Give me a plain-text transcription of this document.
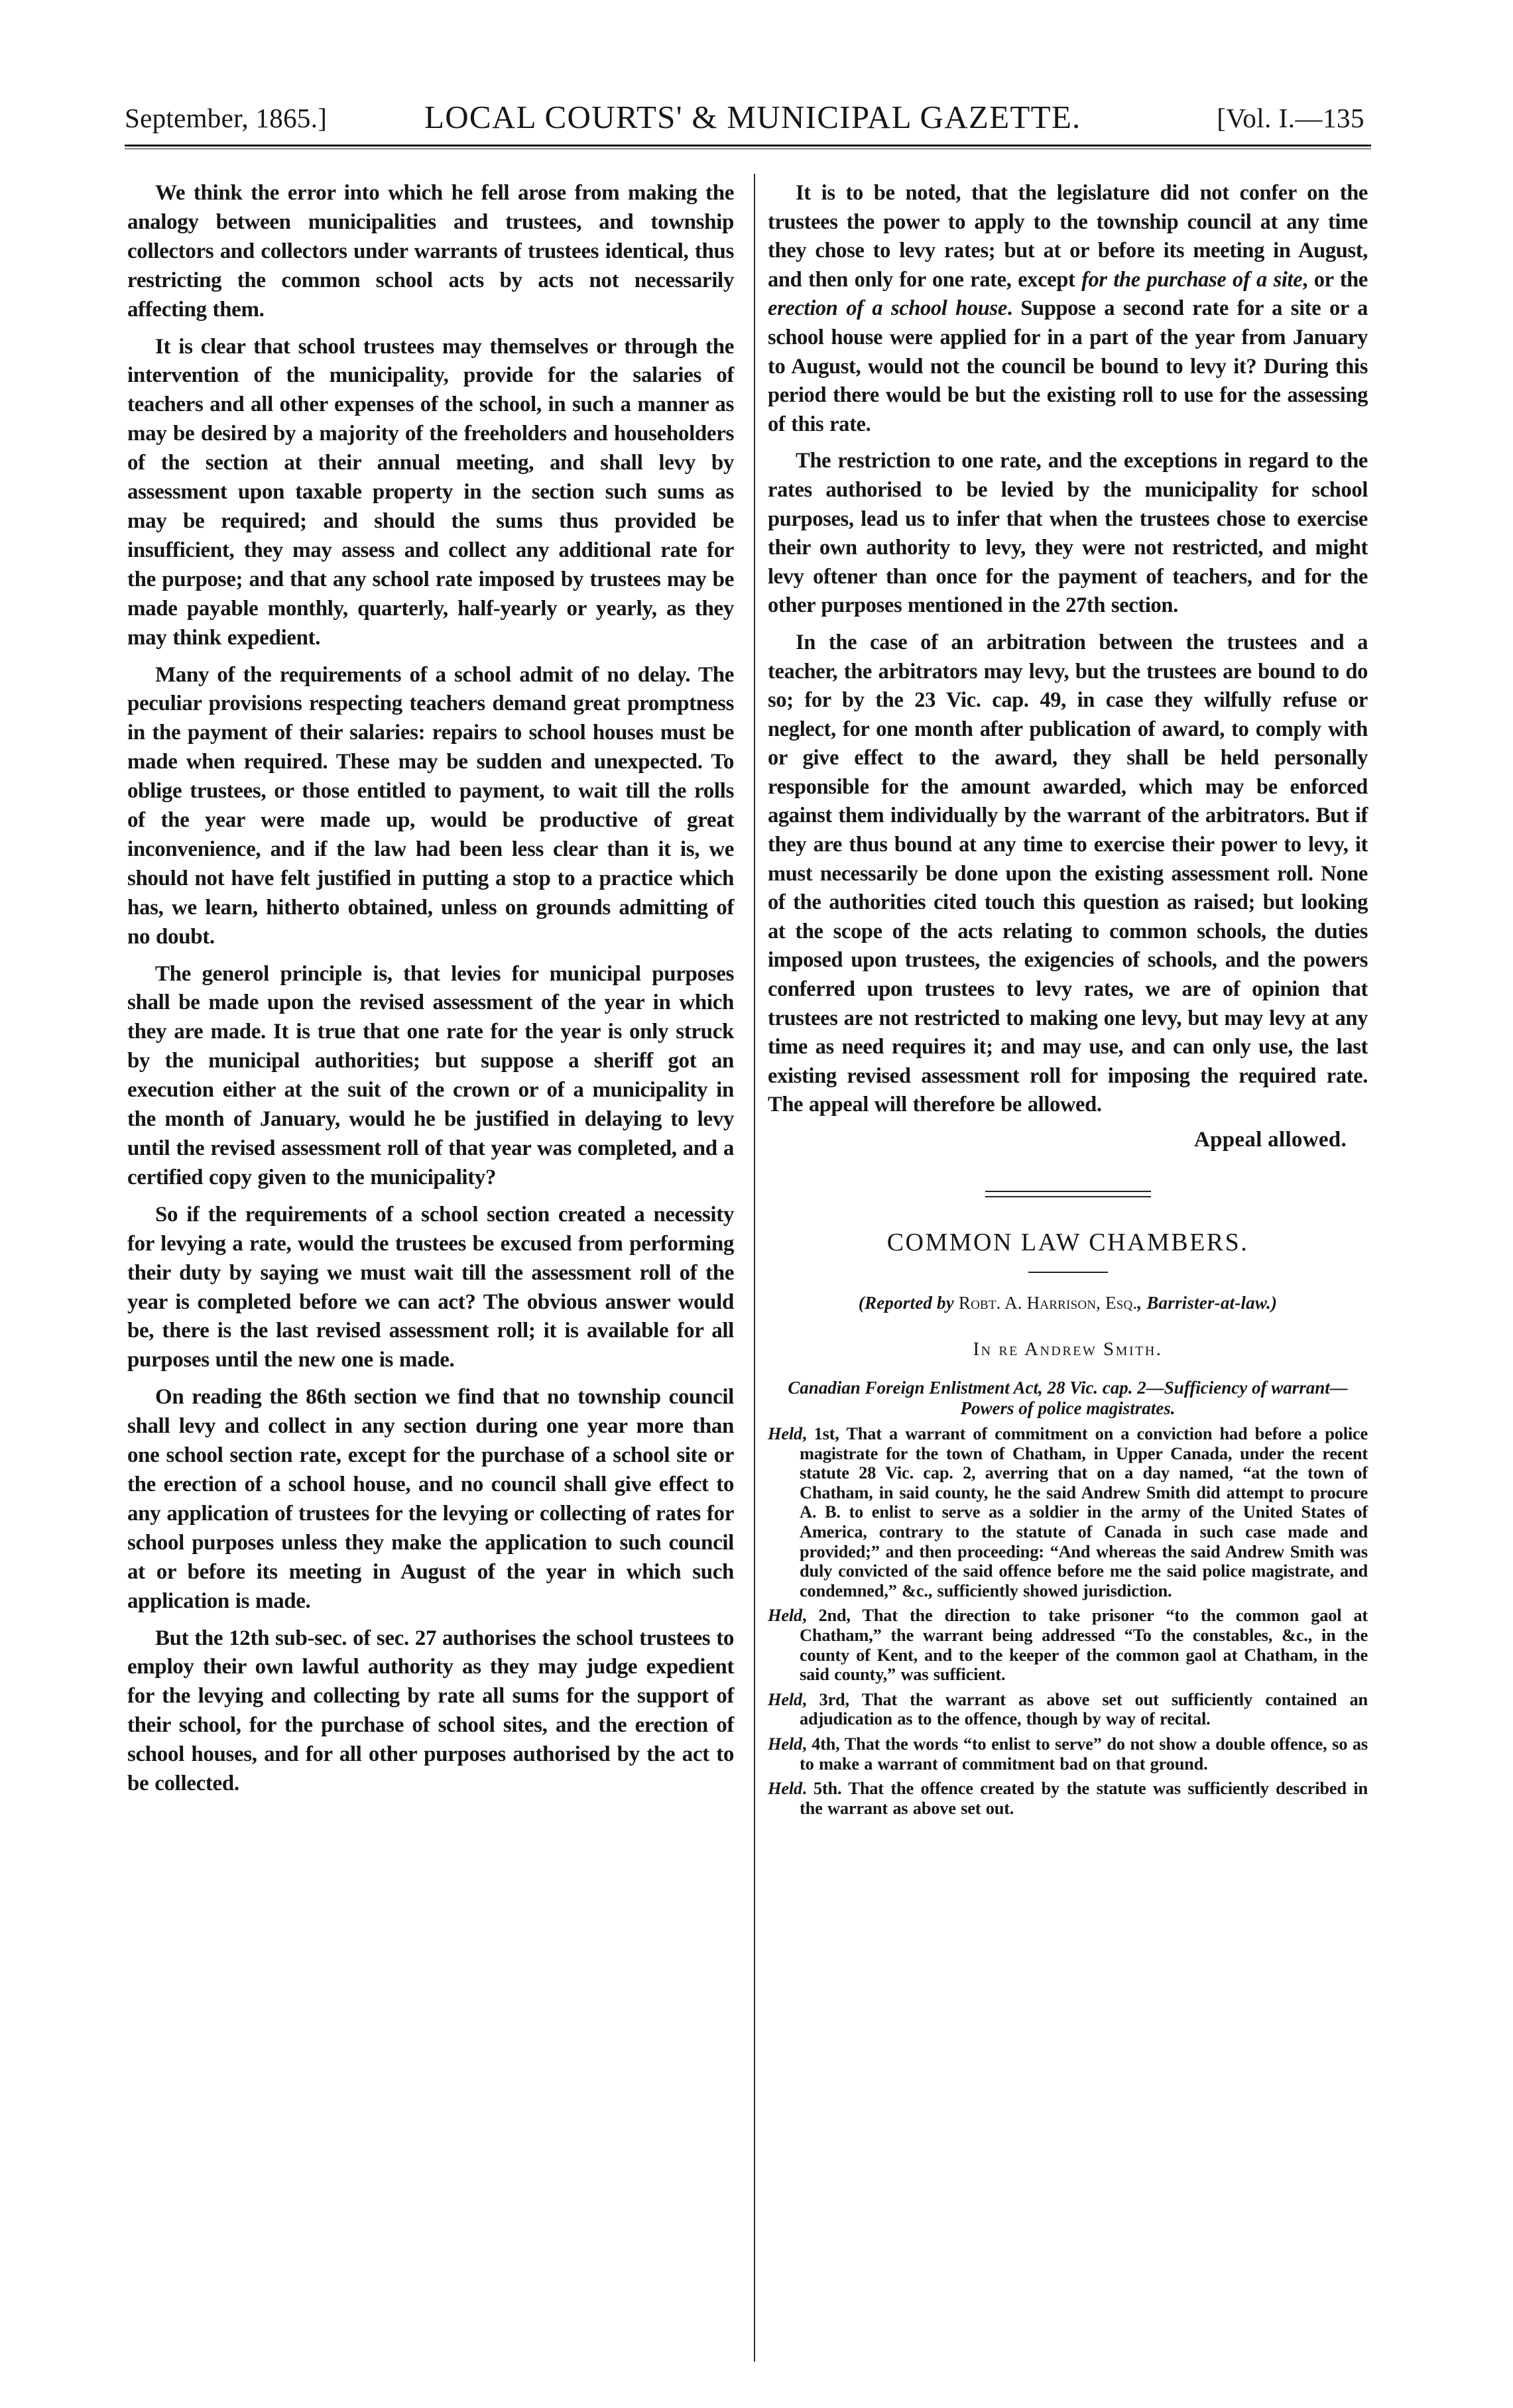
September, 1865.]	LOCAL COURTS' & MUNICIPAL GAZETTE.	[Vol. I.—135

We think the error into which he fell arose from making the analogy between municipalities and trustees, and township collectors and collectors under warrants of trustees identical, thus restricting the common school acts by acts not necessarily affecting them.

It is clear that school trustees may themselves or through the intervention of the municipality, provide for the salaries of teachers and all other expenses of the school, in such a manner as may be desired by a majority of the freeholders and householders of the section at their annual meeting, and shall levy by assessment upon taxable property in the section such sums as may be required; and should the sums thus provided be insufficient, they may assess and collect any additional rate for the purpose; and that any school rate imposed by trustees may be made payable monthly, quarterly, half-yearly or yearly, as they may think expedient.

Many of the requirements of a school admit of no delay. The peculiar provisions respecting teachers demand great promptness in the payment of their salaries: repairs to school houses must be made when required. These may be sudden and unexpected. To oblige trustees, or those entitled to payment, to wait till the rolls of the year were made up, would be productive of great inconvenience, and if the law had been less clear than it is, we should not have felt justified in putting a stop to a practice which has, we learn, hitherto obtained, unless on grounds admitting of no doubt.

The generol principle is, that levies for municipal purposes shall be made upon the revised assessment of the year in which they are made. It is true that one rate for the year is only struck by the municipal authorities; but suppose a sheriff got an execution either at the suit of the crown or of a municipality in the month of January, would he be justified in delaying to levy until the revised assessment roll of that year was completed, and a certified copy given to the municipality?

So if the requirements of a school section created a necessity for levying a rate, would the trustees be excused from performing their duty by saying we must wait till the assessment roll of the year is completed before we can act? The obvious answer would be, there is the last revised assessment roll; it is available for all purposes until the new one is made.

On reading the 86th section we find that no township council shall levy and collect in any section during one year more than one school section rate, except for the purchase of a school site or the erection of a school house, and no council shall give effect to any application of trustees for the levying or collecting of rates for school purposes unless they make the application to such council at or before its meeting in August of the year in which such application is made.

But the 12th sub-sec. of sec. 27 authorises the school trustees to employ their own lawful authority as they may judge expedient for the levying and collecting by rate all sums for the support of their school, for the purchase of school sites, and the erection of school houses, and for all other purposes authorised by the act to be collected.

It is to be noted, that the legislature did not confer on the trustees the power to apply to the township council at any time they chose to levy rates; but at or before its meeting in August, and then only for one rate, except for the purchase of a site, or the erection of a school house. Suppose a second rate for a site or a school house were applied for in a part of the year from January to August, would not the council be bound to levy it? During this period there would be but the existing roll to use for the assessing of this rate.

The restriction to one rate, and the exceptions in regard to the rates authorised to be levied by the municipality for school purposes, lead us to infer that when the trustees chose to exercise their own authority to levy, they were not restricted, and might levy oftener than once for the payment of teachers, and for the other purposes mentioned in the 27th section.

In the case of an arbitration between the trustees and a teacher, the arbitrators may levy, but the trustees are bound to do so; for by the 23 Vic. cap. 49, in case they wilfully refuse or neglect, for one month after publication of award, to comply with or give effect to the award, they shall be held personally responsible for the amount awarded, which may be enforced against them individually by the warrant of the arbitrators. But if they are thus bound at any time to exercise their power to levy, it must necessarily be done upon the existing assessment roll. None of the authorities cited touch this question as raised; but looking at the scope of the acts relating to common schools, the duties imposed upon trustees, the exigencies of schools, and the powers conferred upon trustees to levy rates, we are of opinion that trustees are not restricted to making one levy, but may levy at any time as need requires it; and may use, and can only use, the last existing revised assessment roll for imposing the required rate. The appeal will therefore be allowed.

Appeal allowed.
COMMON LAW CHAMBERS.
(Reported by Robt. A. Harrison, Esq., Barrister-at-law.)
In re Andrew Smith.
Canadian Foreign Enlistment Act, 28 Vic. cap. 2—Sufficiency of warrant—Powers of police magistrates.

Held, 1st, That a warrant of commitment on a conviction had before a police magistrate for the town of Chatham, in Upper Canada, under the recent statute 28 Vic. cap. 2, averring that on a day named, “at the town of Chatham, in said county, he the said Andrew Smith did attempt to procure A. B. to enlist to serve as a soldier in the army of the United States of America, contrary to the statute of Canada in such case made and provided;” and then proceeding: “And whereas the said Andrew Smith was duly convicted of the said offence before me the said police magistrate, and condemned,” &c., sufficiently showed jurisdiction.

Held, 2nd, That the direction to take prisoner “to the common gaol at Chatham,” the warrant being addressed “To the constables, &c., in the county of Kent, and to the keeper of the common gaol at Chatham, in the said county,” was sufficient.

Held, 3rd, That the warrant as above set out sufficiently contained an adjudication as to the offence, though by way of recital.

Held, 4th, That the words “to enlist to serve” do not show a double offence, so as to make a warrant of commitment bad on that ground.

Held. 5th. That the offence created by the statute was sufficiently described in the warrant as above set out.
